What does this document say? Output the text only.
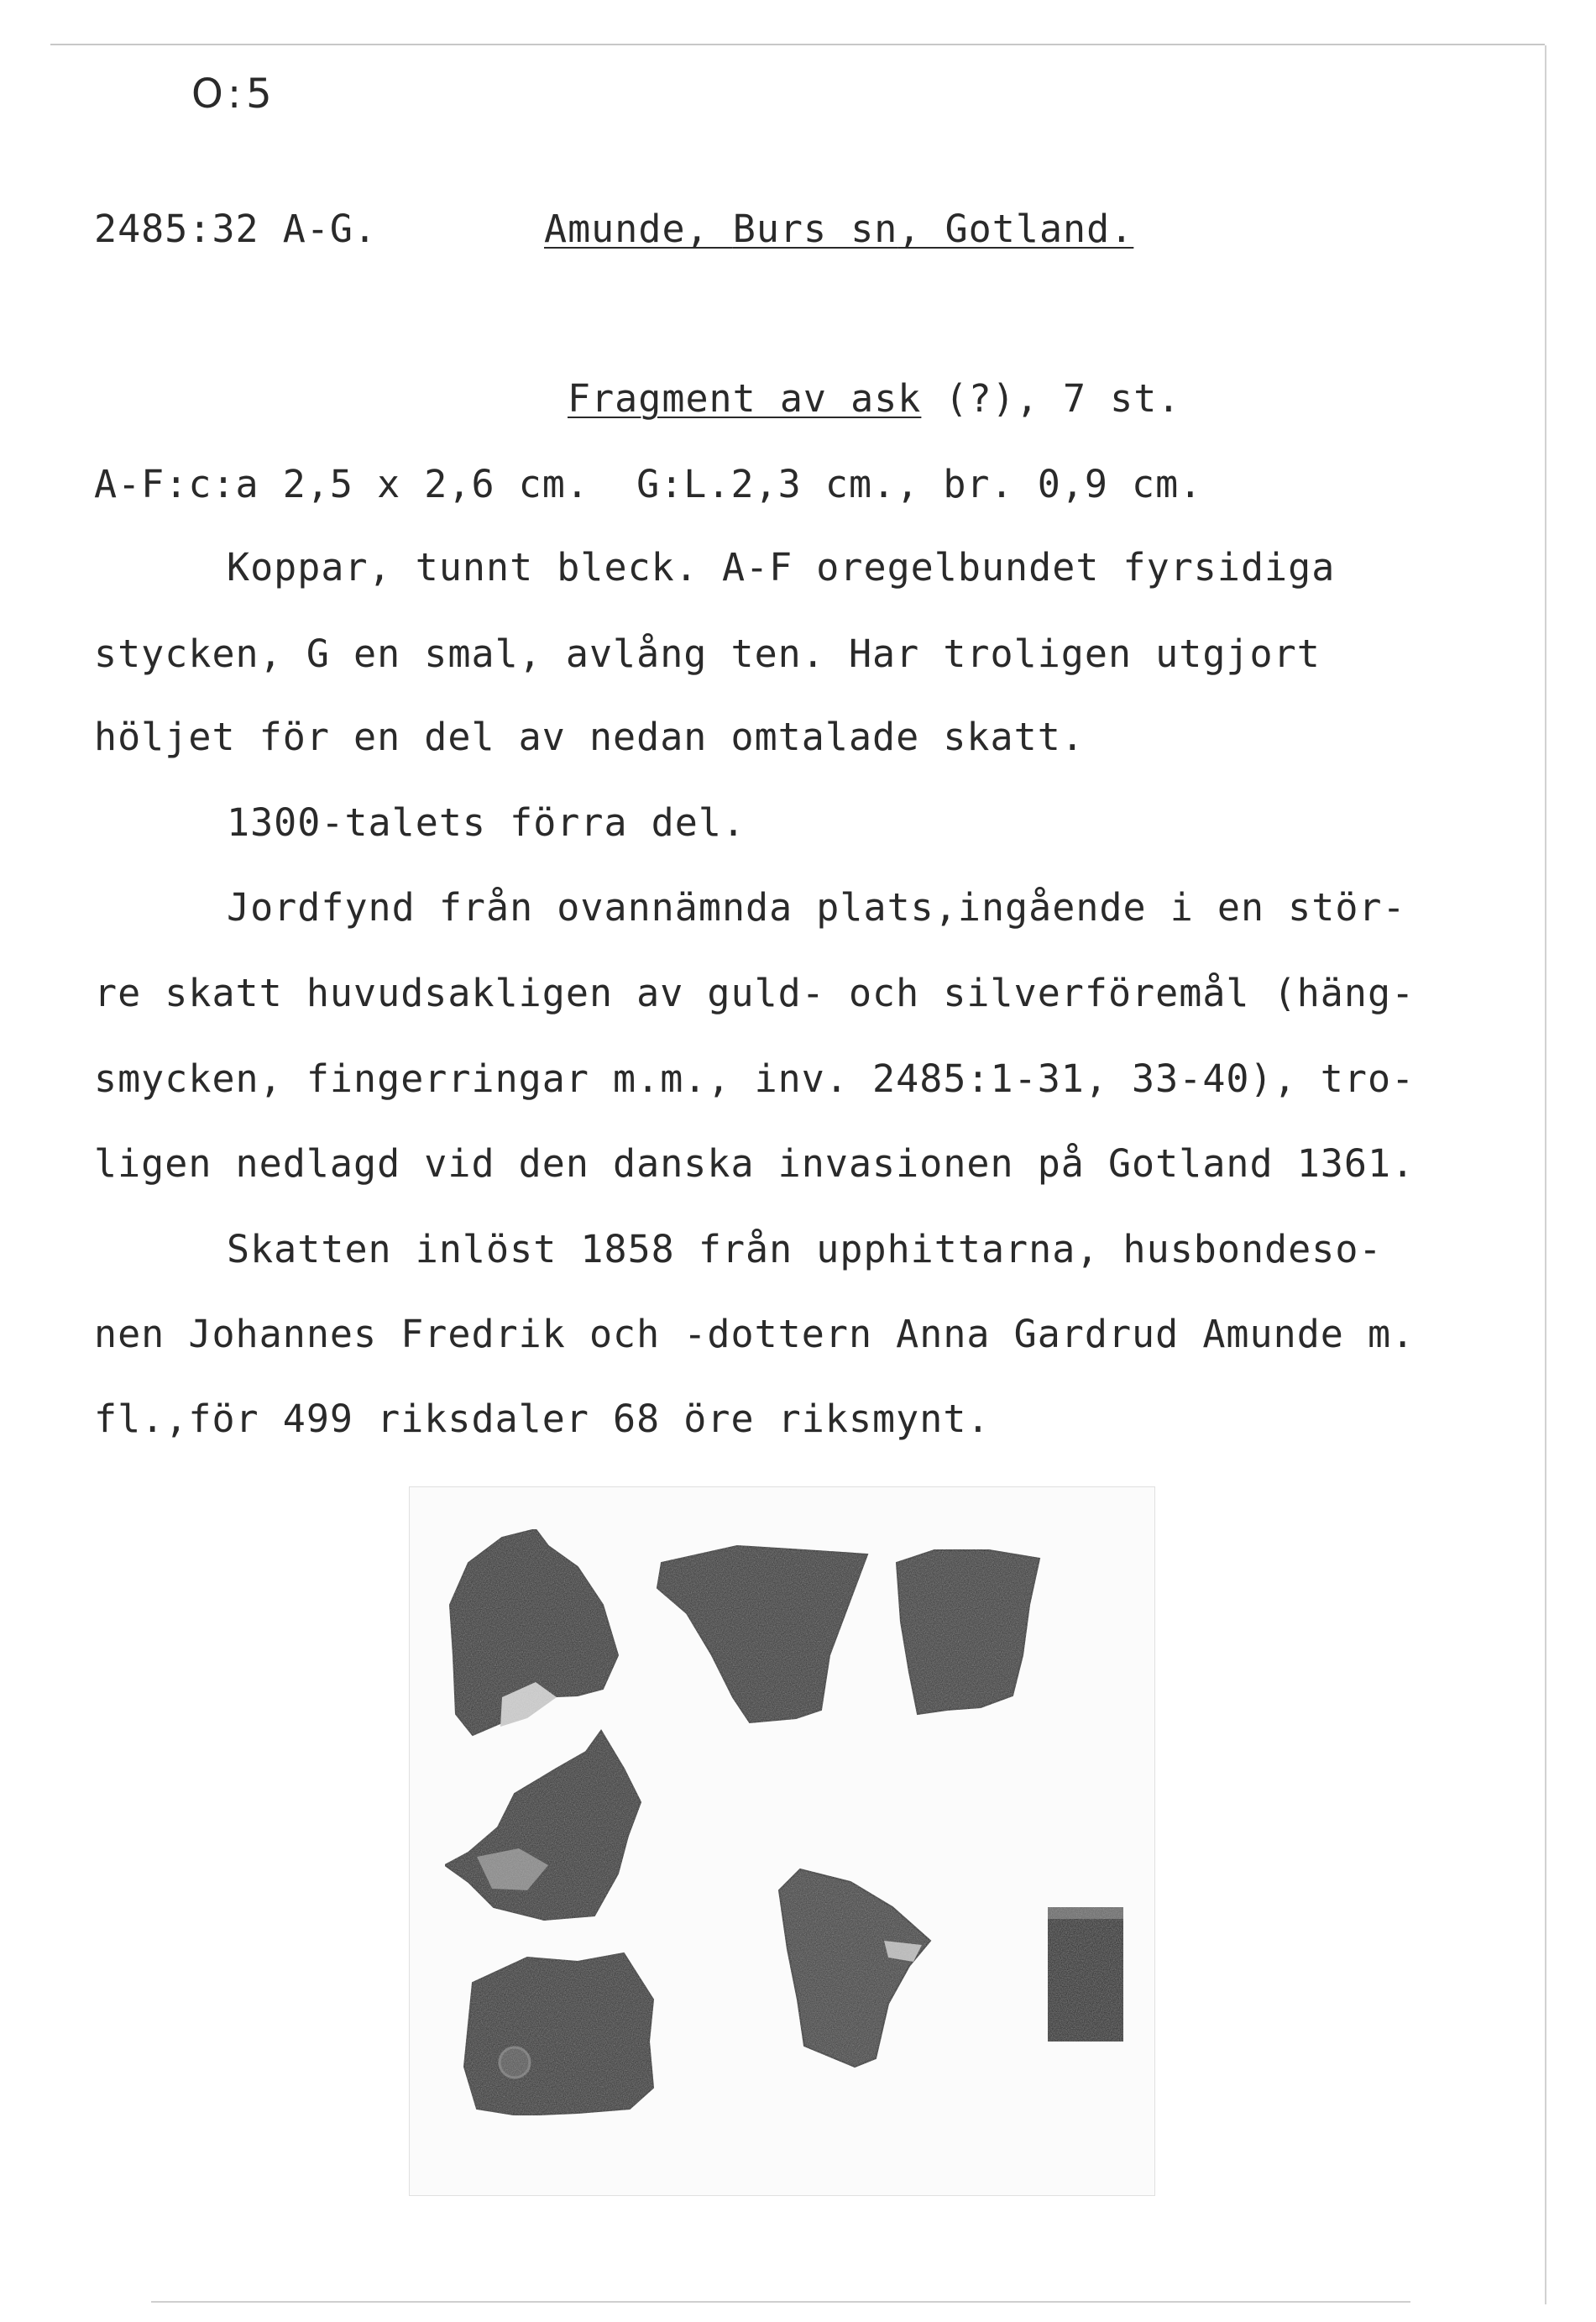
O:5
2485:32 A-G.	Amunde, Burs sn, Gotland.
Fragment av ask (?), 7 st.
A-F:c:a 2,5 x 2,6 cm.  G:L.2,3 cm., br. 0,9 cm.
Koppar, tunnt bleck. A-F oregelbundet fyrsidiga
stycken, G en smal, avlång ten. Har troligen utgjort
höljet för en del av nedan omtalade skatt.
1300-talets förra del.
Jordfynd från ovannämnda plats,ingående i en stör-
re skatt huvudsakligen av guld- och silverföremål (häng-
smycken, fingerringar m.m., inv. 2485:1-31, 33-40), tro-
ligen nedlagd vid den danska invasionen på Gotland 1361.
Skatten inlöst 1858 från upphittarna, husbondeso-
nen Johannes Fredrik och -dottern Anna Gardrud Amunde m.
fl.,för 499 riksdaler 68 öre riksmynt.
